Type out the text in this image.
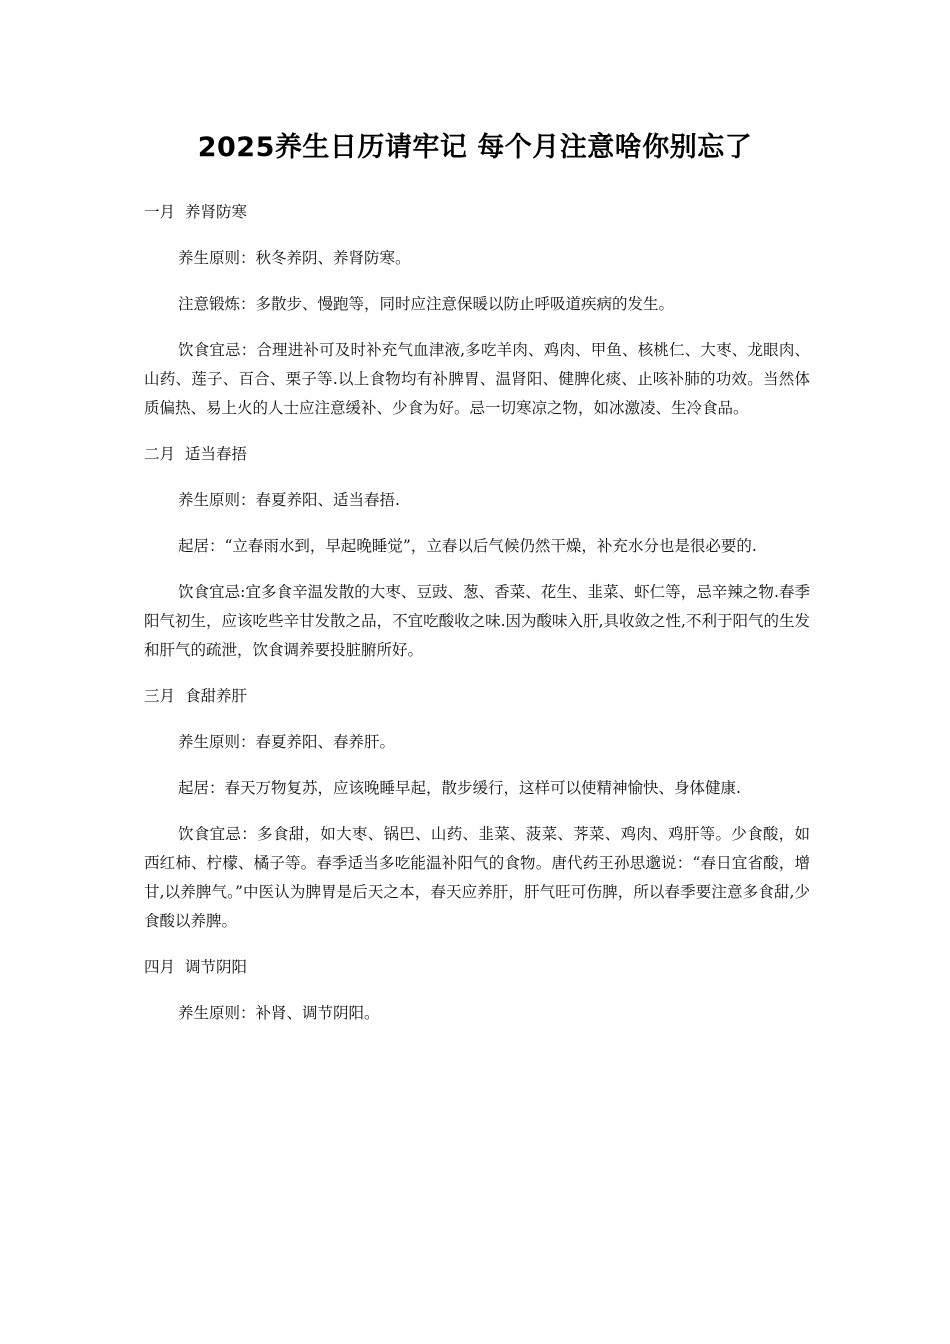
2025养生日历请牢记 每个月注意啥你别忘了
一月 养肾防寒

养生原则：秋冬养阴、养肾防寒。

注意锻炼：多散步、慢跑等，同时应注意保暖以防止呼吸道疾病的发生。

饮食宜忌：合理进补可及时补充气血津液,多吃羊肉、鸡肉、甲鱼、核桃仁、大枣、龙眼肉、山药、莲子、百合、栗子等.以上食物均有补脾胃、温肾阳、健脾化痰、止咳补肺的功效。当然体质偏热、易上火的人士应注意缓补、少食为好。忌一切寒凉之物，如冰激凌、生冷食品。

二月 适当春捂

养生原则：春夏养阳、适当春捂.

起居：“立春雨水到，早起晚睡觉”，立春以后气候仍然干燥，补充水分也是很必要的.

饮食宜忌:宜多食辛温发散的大枣、豆豉、葱、香菜、花生、韭菜、虾仁等，忌辛辣之物.春季阳气初生，应该吃些辛甘发散之品，不宜吃酸收之味.因为酸味入肝,具收敛之性,不利于阳气的生发和肝气的疏泄，饮食调养要投脏腑所好。

三月 食甜养肝

养生原则：春夏养阳、春养肝。

起居：春天万物复苏，应该晚睡早起，散步缓行，这样可以使精神愉快、身体健康.

饮食宜忌：多食甜，如大枣、锅巴、山药、韭菜、菠菜、荠菜、鸡肉、鸡肝等。少食酸，如西红柿、柠檬、橘子等。春季适当多吃能温补阳气的食物。唐代药王孙思邈说：“春日宜省酸，增甘,以养脾气。”中医认为脾胃是后天之本，春天应养肝，肝气旺可伤脾，所以春季要注意多食甜,少食酸以养脾。

四月 调节阴阳

养生原则：补肾、调节阴阳。
